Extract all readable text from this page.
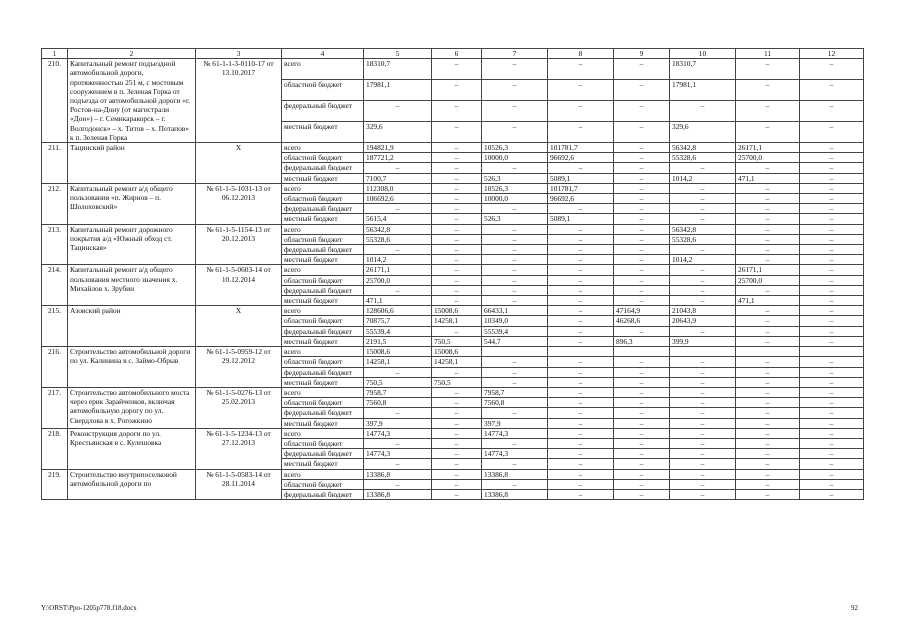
1	2	3	4	5	6	7	8	9	10	11	12
210.	Капитальный ремонт подъездной автомобильной дороги, протяженностью 251 м, с мостовым сооружением в п. Зеленая Горка от подъезда от автомобильной дороги «г. Ростов-на-Дону (от магистрали «Дон») – г. Семикаракорск – г. Волгодонск» – х. Титов – х. Потапов» к п. Зеленая Горка	№ 61-1-1-3-0110-17 от 13.10.2017	всего	18310,7	–	–	–	–	18310,7	–	–
			областной бюджет	17981,1	–	–	–	–	17981,1	–	–
			федеральный бюджет	–	–	–	–	–	–	–	–
			местный бюджет	329,6	–	–	–	–	329,6	–	–
211.	Тацинский район	Х	всего	194821,9	–	10526,3	101781,7	–	56342,8	26171,1	–
			областной бюджет	187721,2	–	10000,0	96692,6	–	55328,6	25700,0	–
			федеральный бюджет	–	–	–	–	–	–	–	–
			местный бюджет	7100,7	–	526,3	5089,1	–	1014,2	471,1	–
212.	Капитальный ремонт а/д общего пользования «п. Жирнов – п. Шолоховский»	№ 61-1-5-1031-13 от 06.12.2013	всего	112308,0	–	10526,3	101781,7	–	–	–	–
			областной бюджет	106692,6	–	10000,0	96692,6	–	–	–	–
			федеральный бюджет	–	–	–	–	–	–	–	–
			местный бюджет	5615,4	–	526,3	5089,1	–	–	–	–
213.	Капитальный ремонт дорожного покрытия а/д «Южный обход ст. Тацинская»	№ 61-1-5-1154-13 от 20.12.2013	всего	56342,8	–	–	–	–	56342,8	–	–
			областной бюджет	55328,6	–	–	–	–	55328,6	–	–
			федеральный бюджет	–	–	–	–	–	–	–	–
			местный бюджет	1014,2	–	–	–	–	1014,2	–	–
214.	Капитальный ремонт а/д общего пользования местного значения х. Михайлов х. Зрубин	№ 61-1-5-0603-14 от 10.12.2014	всего	26171,1	–	–	–	–	–	26171,1	–
			областной бюджет	25700,0	–	–	–	–	–	25700,0	–
			федеральный бюджет	–	–	–	–	–	–	–	–
			местный бюджет	471,1	–	–	–	–	–	471,1	–
215.	Азовский район	Х	всего	128606,6	15008,6	66433,1	–	47164,9	21043,8	–	–
			областной бюджет	70875,7	14258,1	10349,0	–	46268,6	20643,9	–	–
			федеральный бюджет	55539,4	–	55539,4	–	–	–	–	–
			местный бюджет	2191,5	750,5	544,7	–	896,3	399,9	–	–
216.	Строительство автомобильной дороги по ул. Калинина в с. Займо-Обрыв	№ 61-1-5-0959-12 от 29.12.2012	всего	15008,6	15008,6						
			областной бюджет	14258,1	14258,1	–	–	–	–	–	–
			федеральный бюджет	–	–	–	–	–	–	–	–
			местный бюджет	750,5	750,5	–	–	–	–	–	–
217.	Строительство автомобильного моста через ерик Зарайченков, включая автомобильную дорогу по ул. Свердлова в х. Рогожкино	№ 61-1-5-0276-13 от 25.02.2013	всего	7958,7	–	7958,7	–	–	–	–	–
			областной бюджет	7560,8	–	7560,8	–	–	–	–	–
			федеральный бюджет	–	–	–	–	–	–	–	–
			местный бюджет	397,9	–	397,9	–	–	–	–	–
218.	Реконструкция дороги по ул. Крестьянская в с. Кулешовка	№ 61-1-5-1234-13 от 27.12.2013	всего	14774,3	–	14774,3	–	–	–	–	–
			областной бюджет	–	–	–	–	–	–	–	–
			федеральный бюджет	14774,3	–	14774,3	–	–	–	–	–
			местный бюджет	–	–	–	–	–	–	–	–
219.	Строительство внутрипоселковой автомобильной дороги по	№ 61-1-5-0583-14 от 28.11.2014	всего	13386,8	–	13386,8	–	–	–	–	–
			областной бюджет	–	–	–	–	–	–	–	–
			федеральный бюджет	13386,8	–	13386,8	–	–	–	–	–
Y:\ORST\Ppo-1205p778.f18.docx	92
